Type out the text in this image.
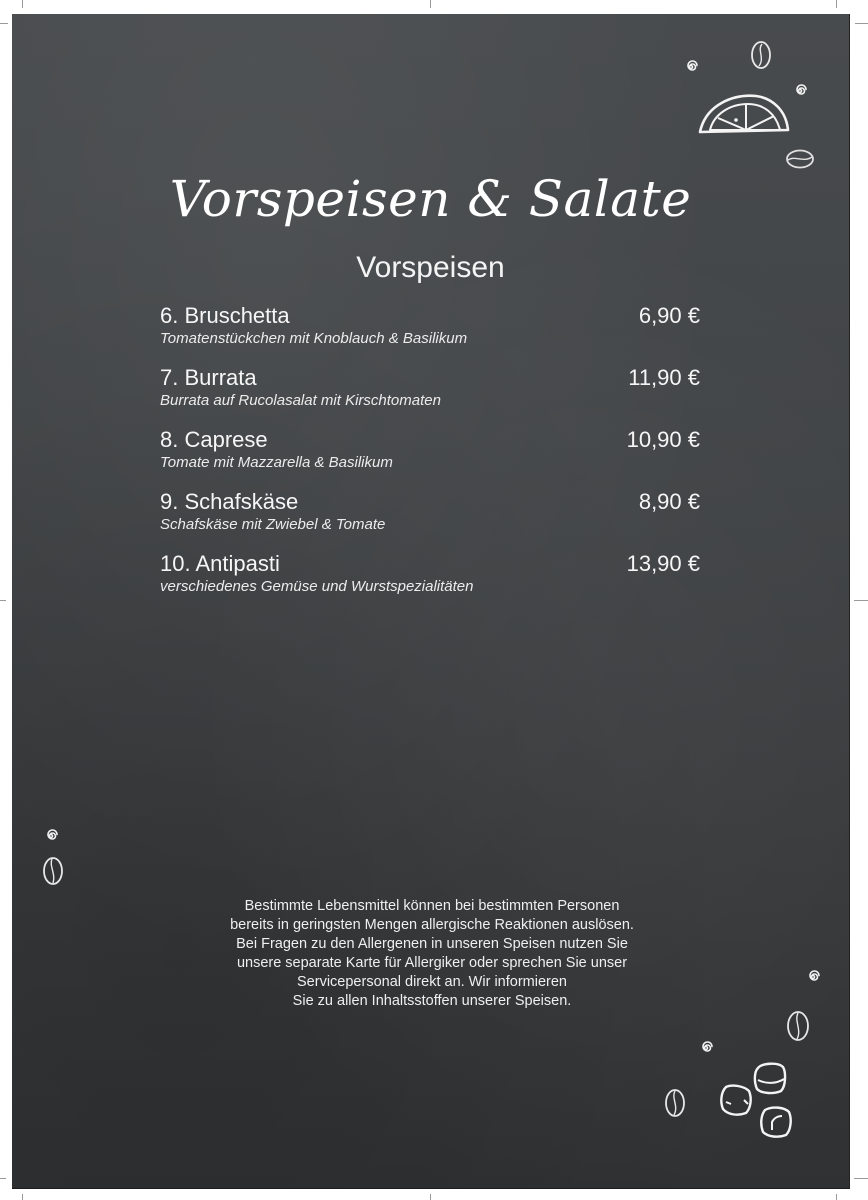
Vorspeisen & Salate
Vorspeisen
6. Bruschetta	6,90 €
Tomatenstückchen mit Knoblauch & Basilikum
7. Burrata	11,90 €
Burrata auf Rucolasalat mit Kirschtomaten
8. Caprese	10,90 €
Tomate mit Mazzarella & Basilikum
9. Schafskäse	8,90 €
Schafskäse mit Zwiebel & Tomate
10. Antipasti	13,90 €
verschiedenes Gemüse und Wurstspezialitäten
Bestimmte Lebensmittel können bei bestimmten Personen
bereits in geringsten Mengen allergische Reaktionen auslösen.
Bei Fragen zu den Allergenen in unseren Speisen nutzen Sie
unsere separate Karte für Allergiker oder sprechen Sie unser
Servicepersonal direkt an. Wir informieren
Sie zu allen Inhaltsstoffen unserer Speisen.
